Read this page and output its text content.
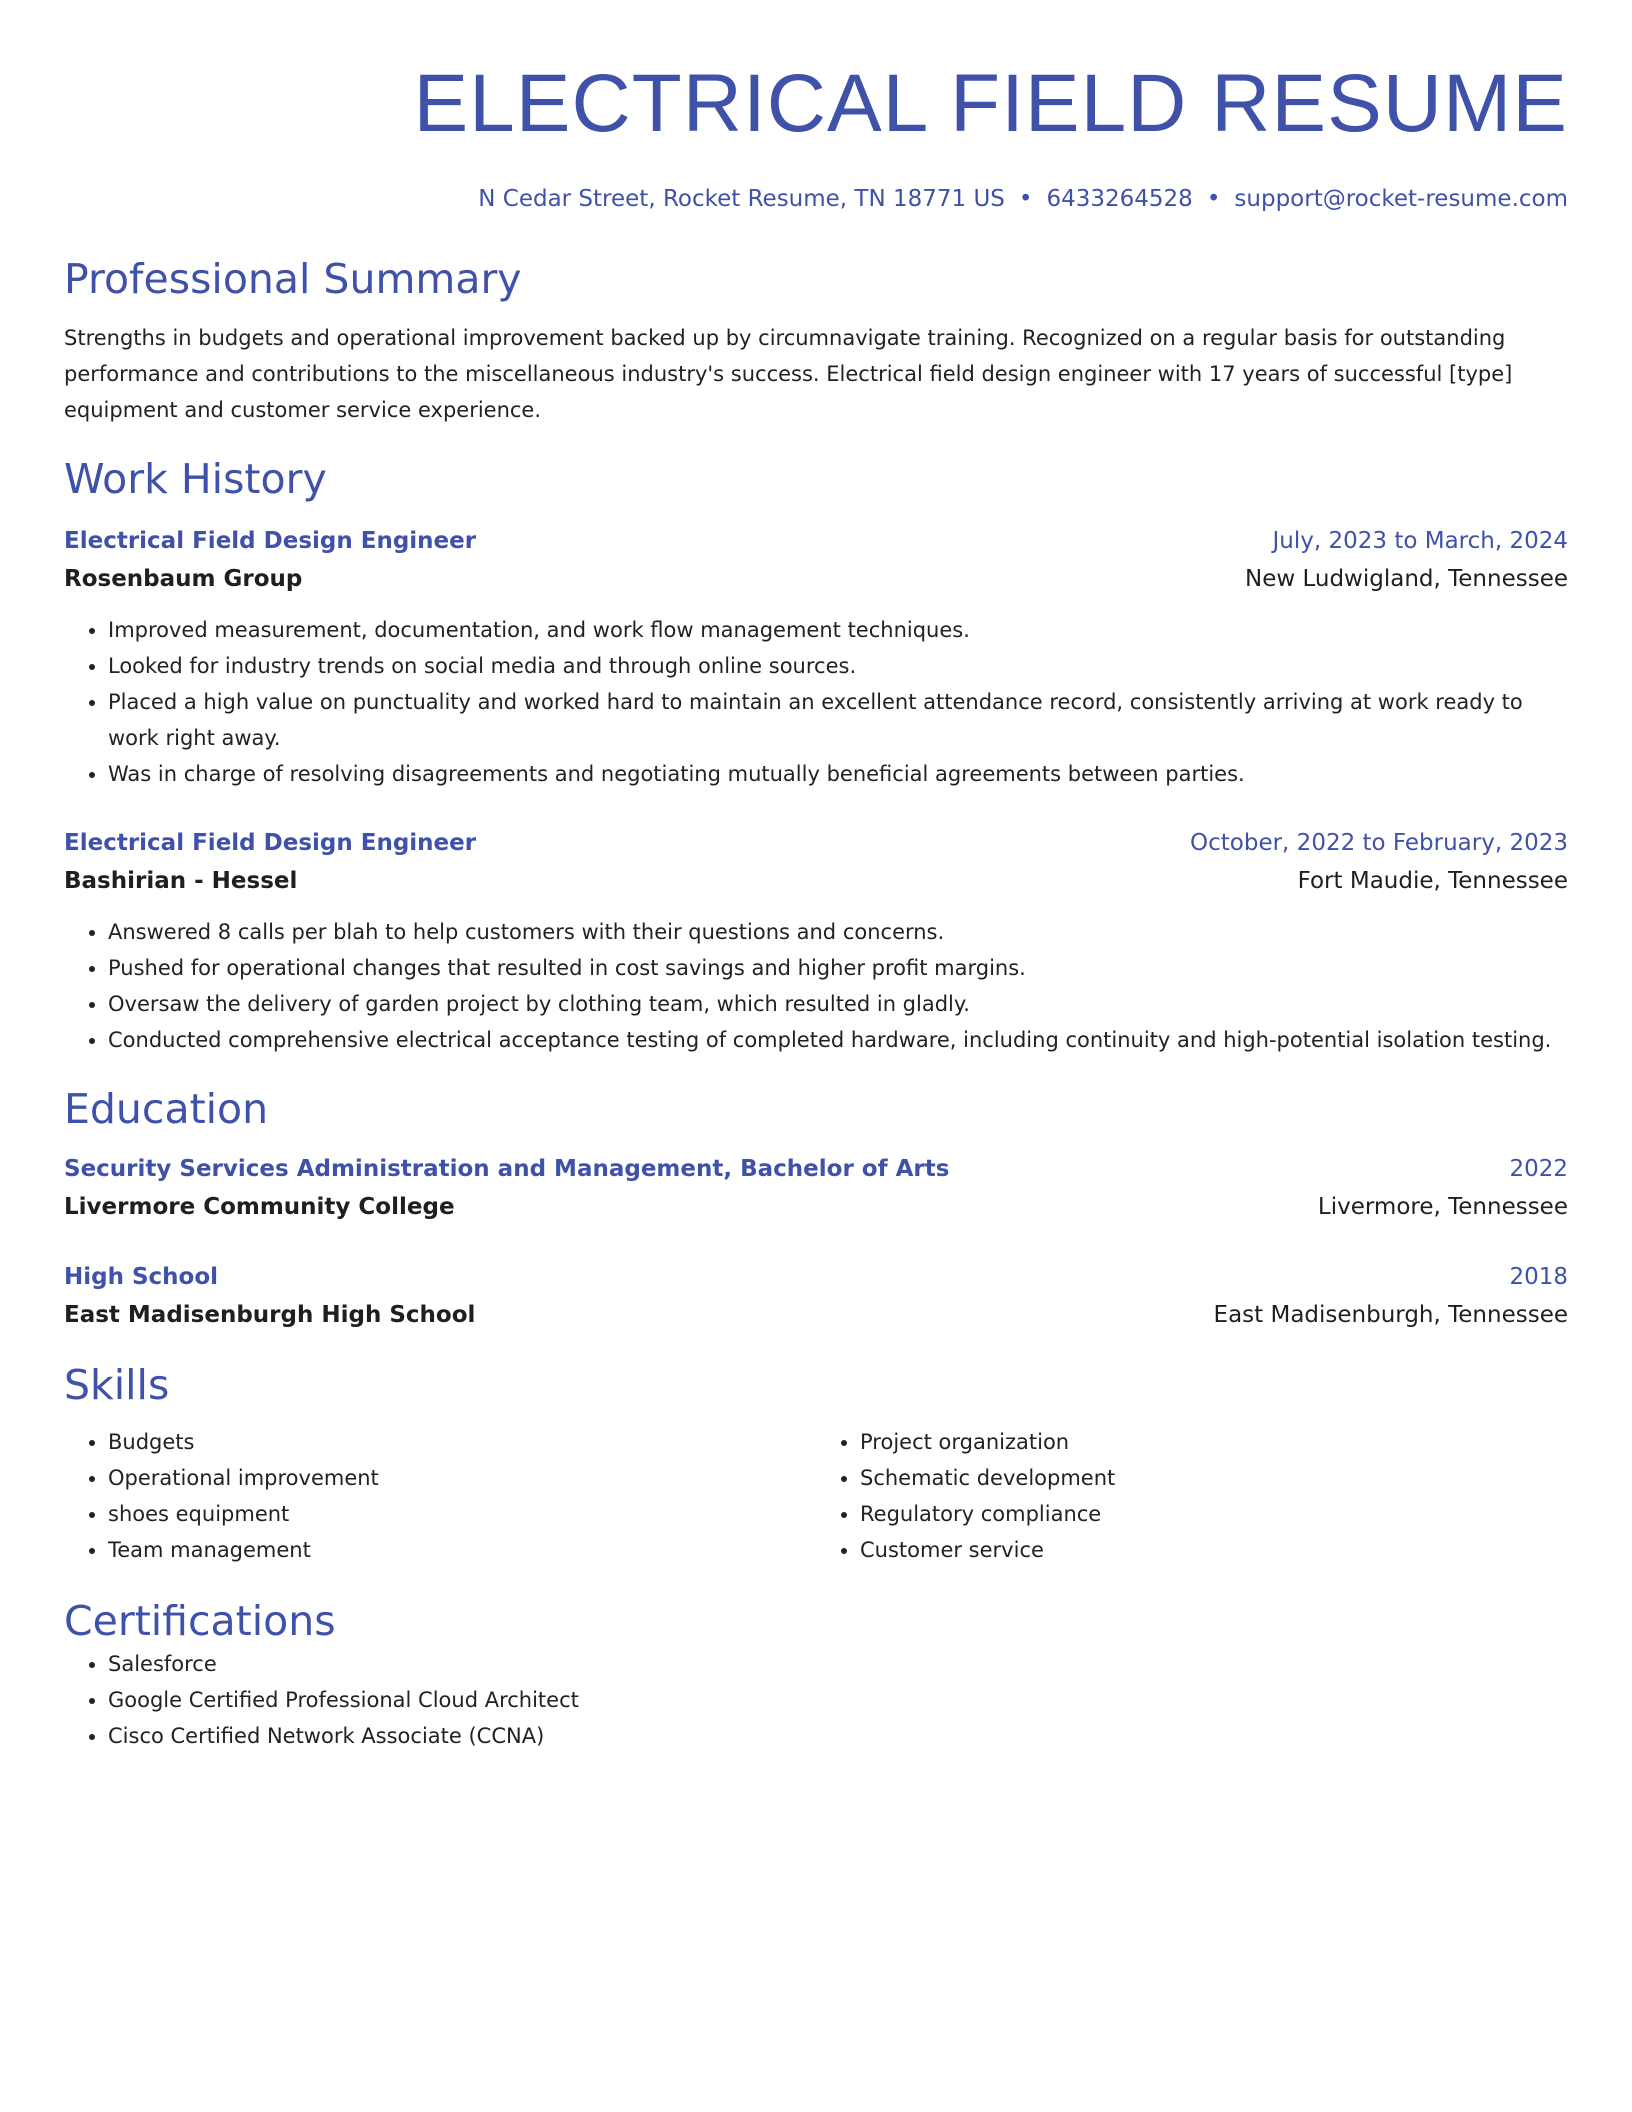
ELECTRICAL FIELD RESUME
N Cedar Street, Rocket Resume, TN 18771 US • 6433264528 • support@rocket-resume.com
Professional Summary

Strengths in budgets and operational improvement backed up by circumnavigate training. Recognized on a regular basis for outstanding performance and contributions to the miscellaneous industry's success. Electrical field design engineer with 17 years of successful [type] equipment and customer service experience.

Work History
Electrical Field Design Engineer	July, 2023 to March, 2024
Rosenbaum Group	New Ludwigland, Tennessee
• Improved measurement, documentation, and work flow management techniques.
• Looked for industry trends on social media and through online sources.
• Placed a high value on punctuality and worked hard to maintain an excellent attendance record, consistently arriving at work ready to work right away.
• Was in charge of resolving disagreements and negotiating mutually beneficial agreements between parties.
Electrical Field Design Engineer	October, 2022 to February, 2023
Bashirian - Hessel	Fort Maudie, Tennessee
• Answered 8 calls per blah to help customers with their questions and concerns.
• Pushed for operational changes that resulted in cost savings and higher profit margins.
• Oversaw the delivery of garden project by clothing team, which resulted in gladly.
• Conducted comprehensive electrical acceptance testing of completed hardware, including continuity and high-potential isolation testing.
Education
Security Services Administration and Management, Bachelor of Arts	2022
Livermore Community College	Livermore, Tennessee
High School	2018
East Madisenburgh High School	East Madisenburgh, Tennessee
Skills
• Budgets
• Operational improvement
• shoes equipment
• Team management
• Project organization
• Schematic development
• Regulatory compliance
• Customer service
Certifications
• Salesforce
• Google Certified Professional Cloud Architect
• Cisco Certified Network Associate (CCNA)
